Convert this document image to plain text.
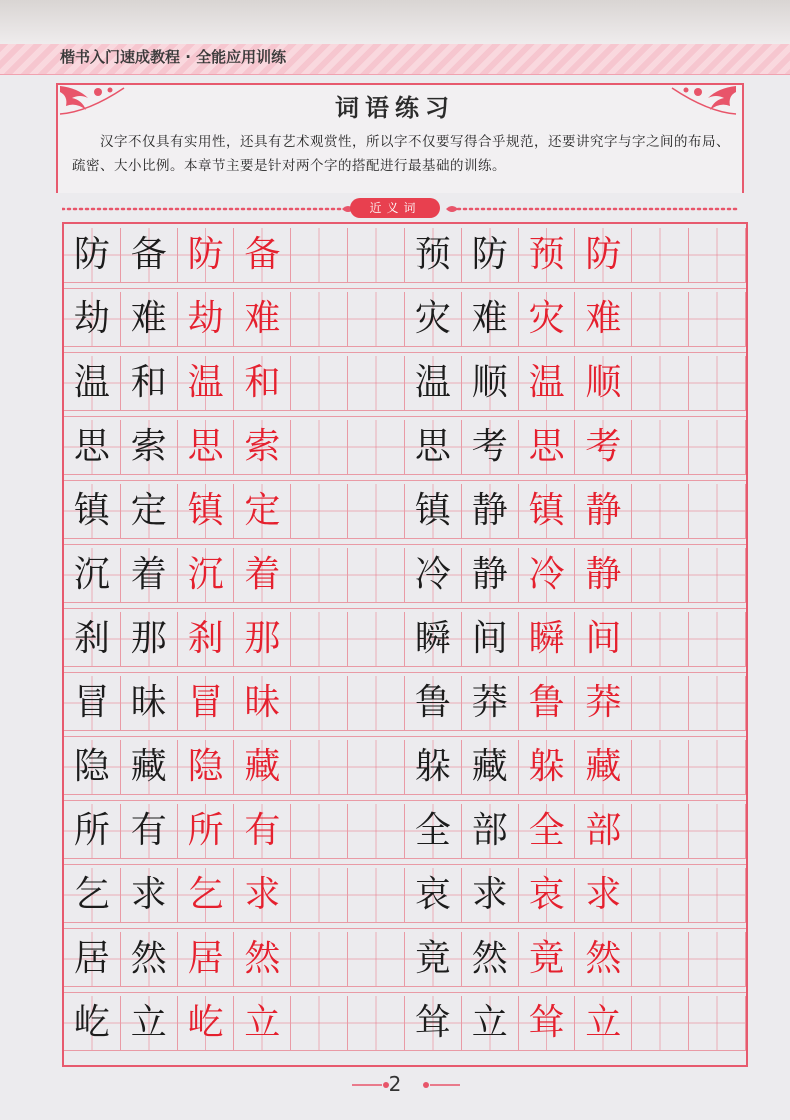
楷书入门速成教程 · 全能应用训练
词语练习
汉字不仅具有实用性，还具有艺术观赏性，所以字不仅要写得合乎规范，还要讲究字与字之间的布局、疏密、大小比例。本章节主要是针对两个字的搭配进行最基础的训练。
近义词
防 备 防 备	预 防 预 防
劫 难 劫 难	灾 难 灾 难
温 和 温 和	温 顺 温 顺
思 索 思 索	思 考 思 考
镇 定 镇 定	镇 静 镇 静
沉 着 沉 着	冷 静 冷 静
刹 那 刹 那	瞬 间 瞬 间
冒 昧 冒 昧	鲁 莽 鲁 莽
隐 藏 隐 藏	躲 藏 躲 藏
所 有 所 有	全 部 全 部
乞 求 乞 求	哀 求 哀 求
居 然 居 然	竟 然 竟 然
屹 立 屹 立	耸 立 耸 立
2
